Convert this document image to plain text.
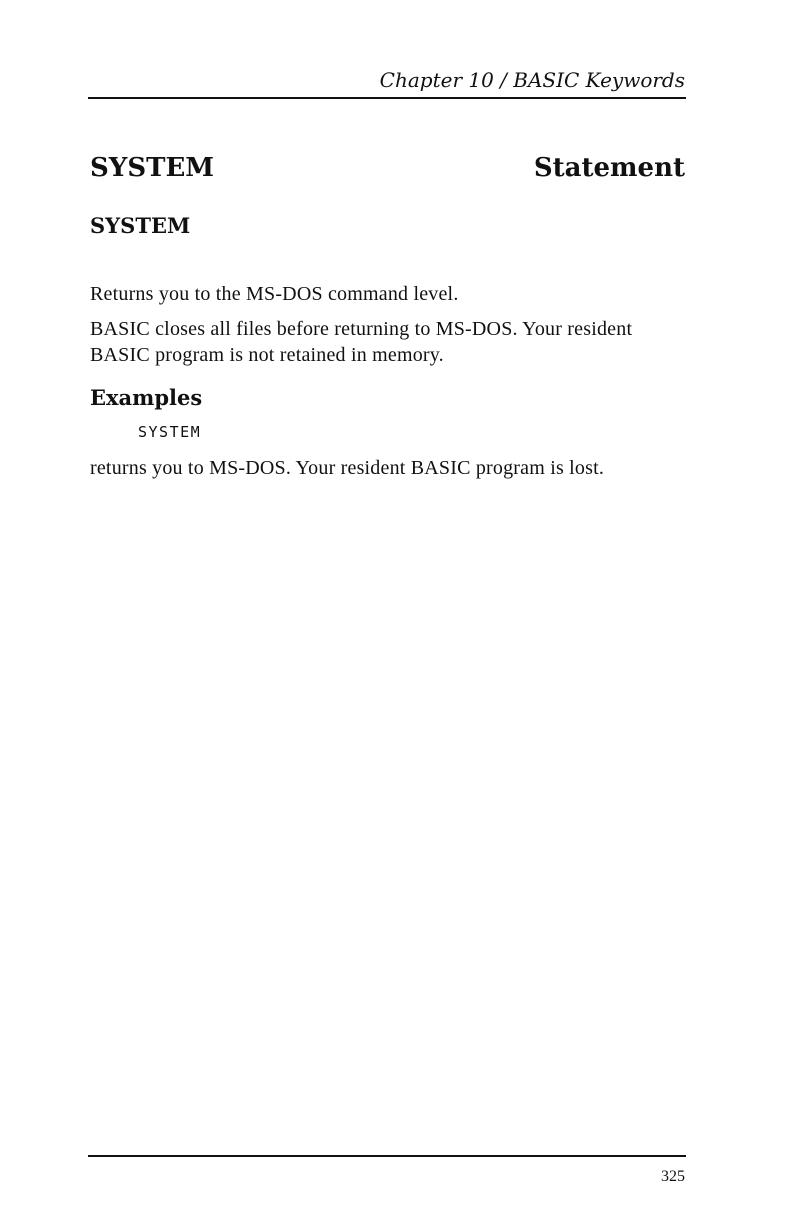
Chapter 10 / BASIC Keywords
SYSTEM	Statement
SYSTEM
Returns you to the MS-DOS command level.
BASIC closes all files before returning to MS-DOS. Your resident BASIC program is not retained in memory.
Examples
SYSTEM
returns you to MS-DOS. Your resident BASIC program is lost.
325
